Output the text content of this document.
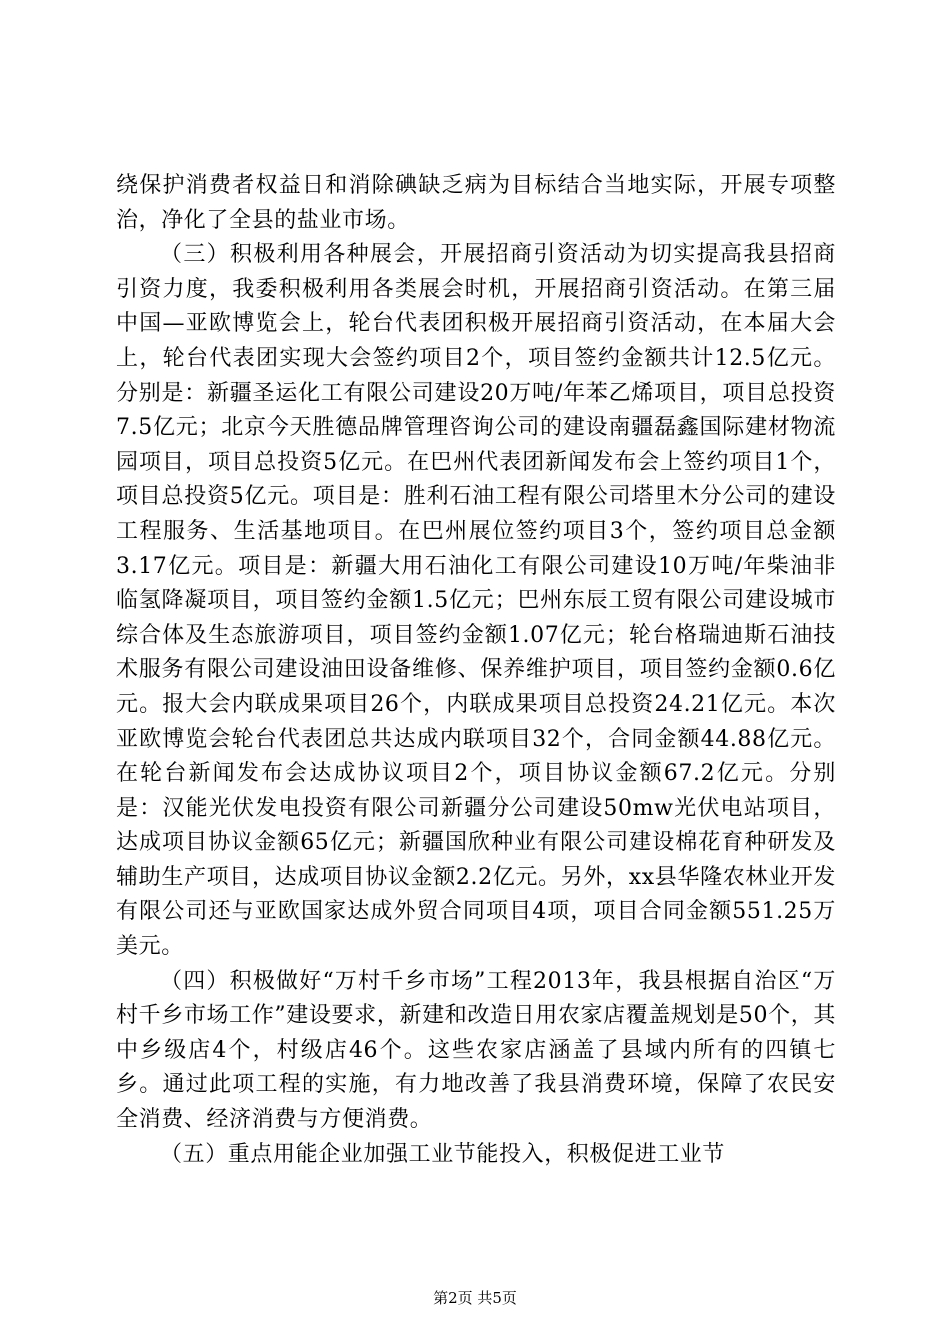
绕保护消费者权益日和消除碘缺乏病为目标结合当地实际，开展专项整治，净化了全县的盐业市场。

（三）积极利用各种展会，开展招商引资活动为切实提高我县招商引资力度，我委积极利用各类展会时机，开展招商引资活动。在第三届中国—亚欧博览会上，轮台代表团积极开展招商引资活动，在本届大会上，轮台代表团实现大会签约项目2个，项目签约金额共计12.5亿元。分别是：新疆圣运化工有限公司建设20万吨/年苯乙烯项目，项目总投资7.5亿元；北京今天胜德品牌管理咨询公司的建设南疆磊鑫国际建材物流园项目，项目总投资5亿元。在巴州代表团新闻发布会上签约项目1个，项目总投资5亿元。项目是：胜利石油工程有限公司塔里木分公司的建设工程服务、生活基地项目。在巴州展位签约项目3个，签约项目总金额3.17亿元。项目是：新疆大用石油化工有限公司建设10万吨/年柴油非临氢降凝项目，项目签约金额1.5亿元；巴州东辰工贸有限公司建设城市综合体及生态旅游项目，项目签约金额1.07亿元；轮台格瑞迪斯石油技术服务有限公司建设油田设备维修、保养维护项目，项目签约金额0.6亿元。报大会内联成果项目26个，内联成果项目总投资24.21亿元。本次亚欧博览会轮台代表团总共达成内联项目32个，合同金额44.88亿元。在轮台新闻发布会达成协议项目2个，项目协议金额67.2亿元。分别是：汉能光伏发电投资有限公司新疆分公司建设50mw光伏电站项目，达成项目协议金额65亿元；新疆国欣种业有限公司建设棉花育种研发及辅助生产项目，达成项目协议金额2.2亿元。另外，xx县华隆农林业开发有限公司还与亚欧国家达成外贸合同项目4项，项目合同金额551.25万美元。

（四）积极做好“万村千乡市场”工程2013年，我县根据自治区“万村千乡市场工作”建设要求，新建和改造日用农家店覆盖规划是50个，其中乡级店4个，村级店46个。这些农家店涵盖了县域内所有的四镇七乡。通过此项工程的实施，有力地改善了我县消费环境，保障了农民安全消费、经济消费与方便消费。

（五）重点用能企业加强工业节能投入，积极促进工业节

第2页 共5页
